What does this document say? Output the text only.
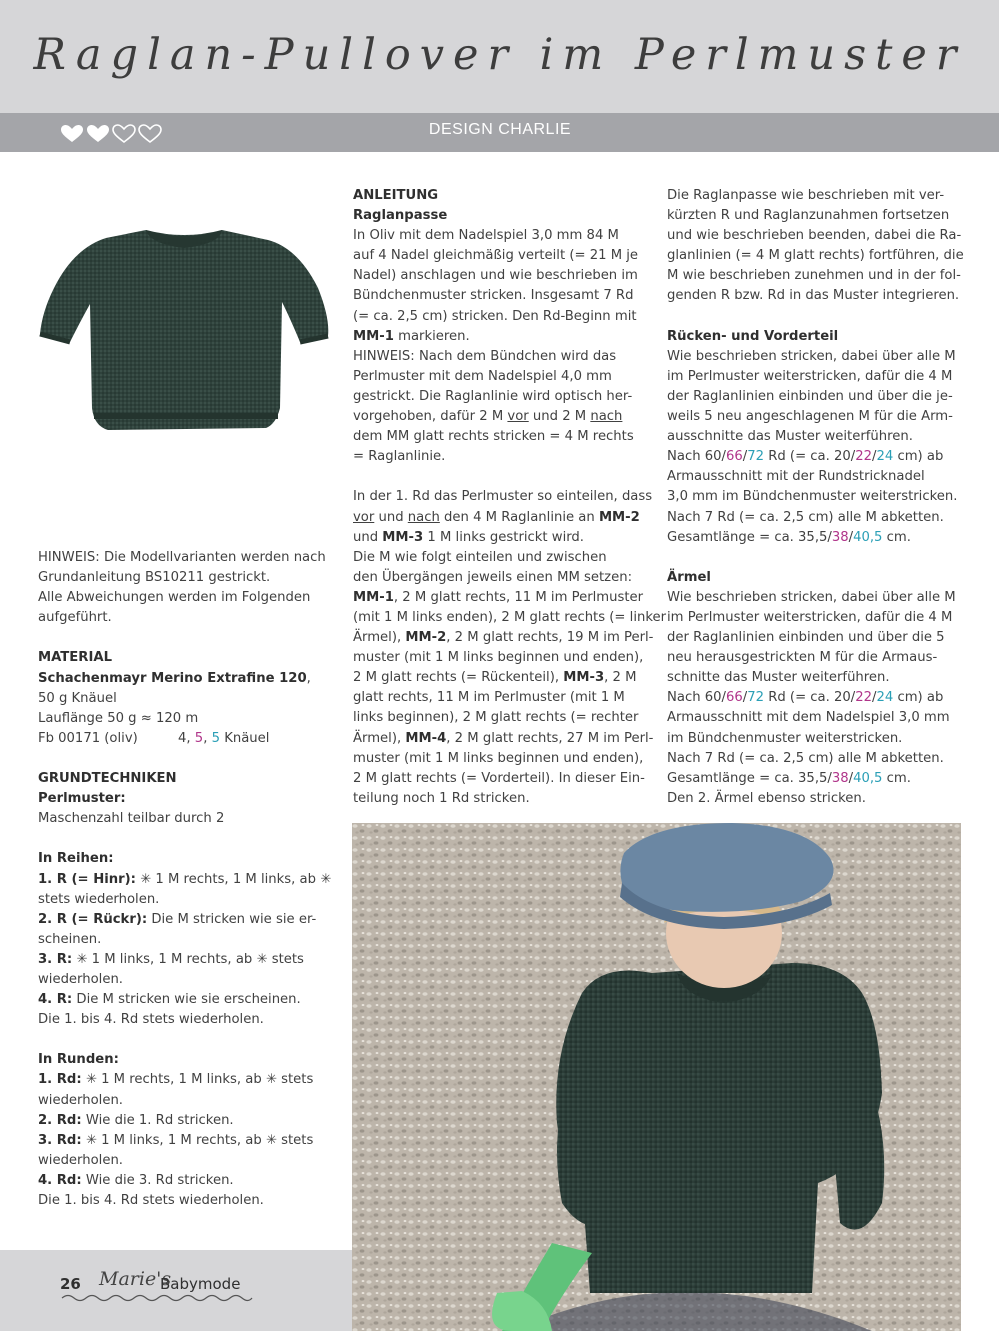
Raglan-Pullover im Perlmuster
DESIGN CHARLIE
HINWEIS: Die Modellvarianten werden nach
Grundanleitung BS10211 gestrickt.
Alle Abweichungen werden im Folgenden
aufgeführt.
MATERIAL
Schachenmayr Merino Extrafine 120,
50 g Knäuel
Lauflänge 50 g ≈ 120 m
Fb 00171 (oliv)	4, 5, 5 Knäuel
GRUNDTECHNIKEN
Perlmuster:
Maschenzahl teilbar durch 2
In Reihen:
1. R (= Hinr): ✳ 1 M rechts, 1 M links, ab ✳
stets wiederholen.
2. R (= Rückr): Die M stricken wie sie er-
scheinen.
3. R: ✳ 1 M links, 1 M rechts, ab ✳ stets
wiederholen.
4. R: Die M stricken wie sie erscheinen.
Die 1. bis 4. Rd stets wiederholen.
In Runden:
1. Rd: ✳ 1 M rechts, 1 M links, ab ✳ stets
wiederholen.
2. Rd: Wie die 1. Rd stricken.
3. Rd: ✳ 1 M links, 1 M rechts, ab ✳ stets
wiederholen.
4. Rd: Wie die 3. Rd stricken.
Die 1. bis 4. Rd stets wiederholen.
ANLEITUNG
Raglanpasse
In Oliv mit dem Nadelspiel 3,0 mm 84 M
auf 4 Nadel gleichmäßig verteilt (= 21 M je
Nadel) anschlagen und wie beschrieben im
Bündchenmuster stricken. Insgesamt 7 Rd
(= ca. 2,5 cm) stricken. Den Rd-Beginn mit
MM-1 markieren.
HINWEIS: Nach dem Bündchen wird das
Perlmuster mit dem Nadelspiel 4,0 mm
gestrickt. Die Raglanlinie wird optisch her-
vorgehoben, dafür 2 M vor und 2 M nach
dem MM glatt rechts stricken = 4 M rechts
= Raglanlinie.
In der 1. Rd das Perlmuster so einteilen, dass
vor und nach den 4 M Raglanlinie an MM-2
und MM-3 1 M links gestrickt wird.
Die M wie folgt einteilen und zwischen
den Übergängen jeweils einen MM setzen:
MM-1, 2 M glatt rechts, 11 M im Perlmuster
(mit 1 M links enden), 2 M glatt rechts (= linker
Ärmel), MM-2, 2 M glatt rechts, 19 M im Perl-
muster (mit 1 M links beginnen und enden),
2 M glatt rechts (= Rückenteil), MM-3, 2 M
glatt rechts, 11 M im Perlmuster (mit 1 M
links beginnen), 2 M glatt rechts (= rechter
Ärmel), MM-4, 2 M glatt rechts, 27 M im Perl-
muster (mit 1 M links beginnen und enden),
2 M glatt rechts (= Vorderteil). In dieser Ein-
teilung noch 1 Rd stricken.
Die Raglanpasse wie beschrieben mit ver-
kürzten R und Raglanzunahmen fortsetzen
und wie beschrieben beenden, dabei die Ra-
glanlinien (= 4 M glatt rechts) fortführen, die
M wie beschrieben zunehmen und in der fol-
genden R bzw. Rd in das Muster integrieren.
Rücken- und Vorderteil
Wie beschrieben stricken, dabei über alle M
im Perlmuster weiterstricken, dafür die 4 M
der Raglanlinien einbinden und über die je-
weils 5 neu angeschlagenen M für die Arm-
ausschnitte das Muster weiterführen.
Nach 60/66/72 Rd (= ca. 20/22/24 cm) ab
Armausschnitt mit der Rundstricknadel
3,0 mm im Bündchenmuster weiterstricken.
Nach 7 Rd (= ca. 2,5 cm) alle M abketten.
Gesamtlänge = ca. 35,5/38/40,5 cm.
Ärmel
Wie beschrieben stricken, dabei über alle M
im Perlmuster weiterstricken, dafür die 4 M
der Raglanlinien einbinden und über die 5
neu herausgestrickten M für die Armaus-
schnitte das Muster weiterführen.
Nach 60/66/72 Rd (= ca. 20/22/24 cm) ab
Armausschnitt mit dem Nadelspiel 3,0 mm
im Bündchenmuster weiterstricken.
Nach 7 Rd (= ca. 2,5 cm) alle M abketten.
Gesamtlänge = ca. 35,5/38/40,5 cm.
Den 2. Ärmel ebenso stricken.
26 Marie's
Babymode
